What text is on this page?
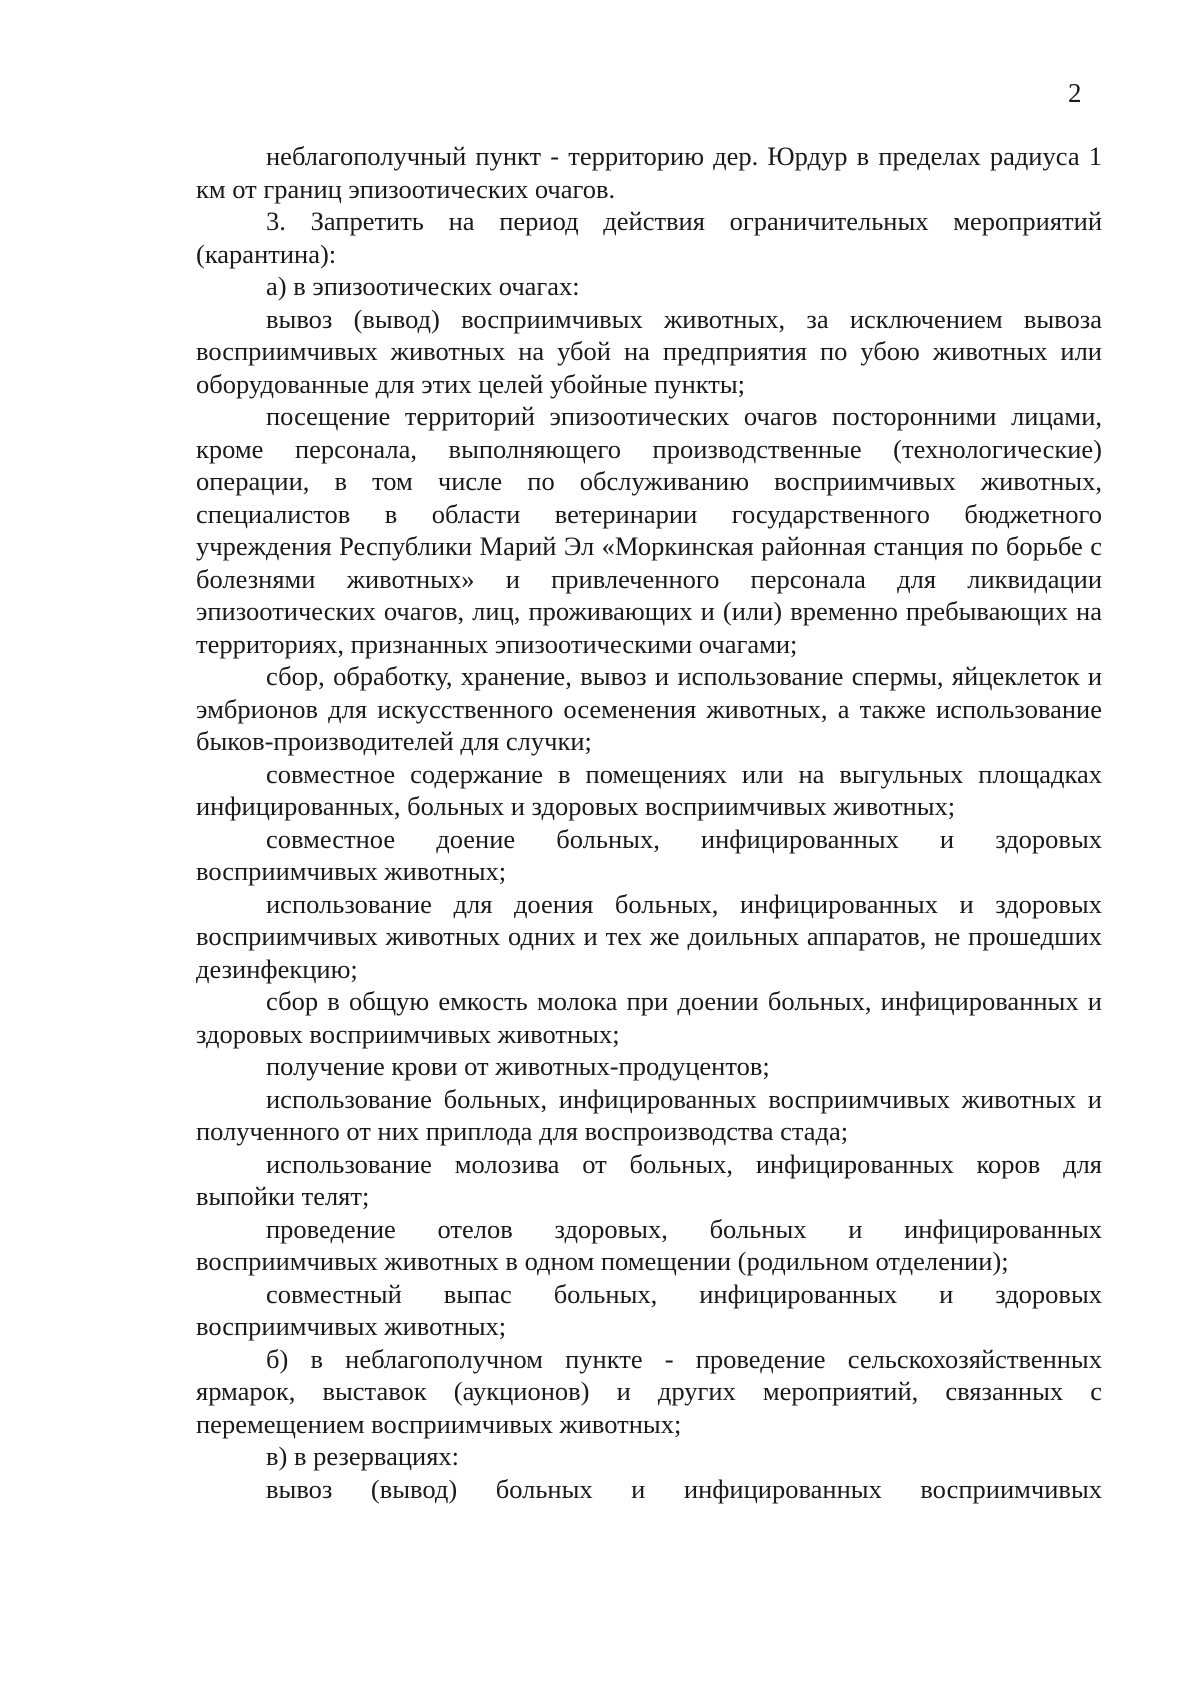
2

неблагополучный пункт - территорию дер. Юрдур в пределах радиуса 1 км от границ эпизоотических очагов.

3. Запретить на период действия ограничительных мероприятий (карантина):

а) в эпизоотических очагах:

вывоз (вывод) восприимчивых животных, за исключением вывоза восприимчивых животных на убой на предприятия по убою животных или оборудованные для этих целей убойные пункты;

посещение территорий эпизоотических очагов посторонними лицами, кроме персонала, выполняющего производственные (технологические) операции, в том числе по обслуживанию восприимчивых животных, специалистов в области ветеринарии государственного бюджетного учреждения Республики Марий Эл «Моркинская районная станция по борьбе с болезнями животных» и привлеченного персонала для ликвидации эпизоотических очагов, лиц, проживающих и (или) временно пребывающих на территориях, признанных эпизоотическими очагами;

сбор, обработку, хранение, вывоз и использование спермы, яйцеклеток и эмбрионов для искусственного осеменения животных, а также использование быков-производителей для случки;

совместное содержание в помещениях или на выгульных площадках инфицированных, больных и здоровых восприимчивых животных;

совместное доение больных, инфицированных и здоровых восприимчивых животных;

использование для доения больных, инфицированных и здоровых восприимчивых животных одних и тех же доильных аппаратов, не прошедших дезинфекцию;

сбор в общую емкость молока при доении больных, инфицированных и здоровых восприимчивых животных;

получение крови от животных-продуцентов;

использование больных, инфицированных восприимчивых животных и полученного от них приплода для воспроизводства стада;

использование молозива от больных, инфицированных коров для выпойки телят;

проведение отелов здоровых, больных и инфицированных восприимчивых животных в одном помещении (родильном отделении);

совместный выпас больных, инфицированных и здоровых восприимчивых животных;

б) в неблагополучном пункте - проведение сельскохозяйственных ярмарок, выставок (аукционов) и других мероприятий, связанных с перемещением восприимчивых животных;

в) в резервациях:

вывоз (вывод) больных и инфицированных восприимчивых
